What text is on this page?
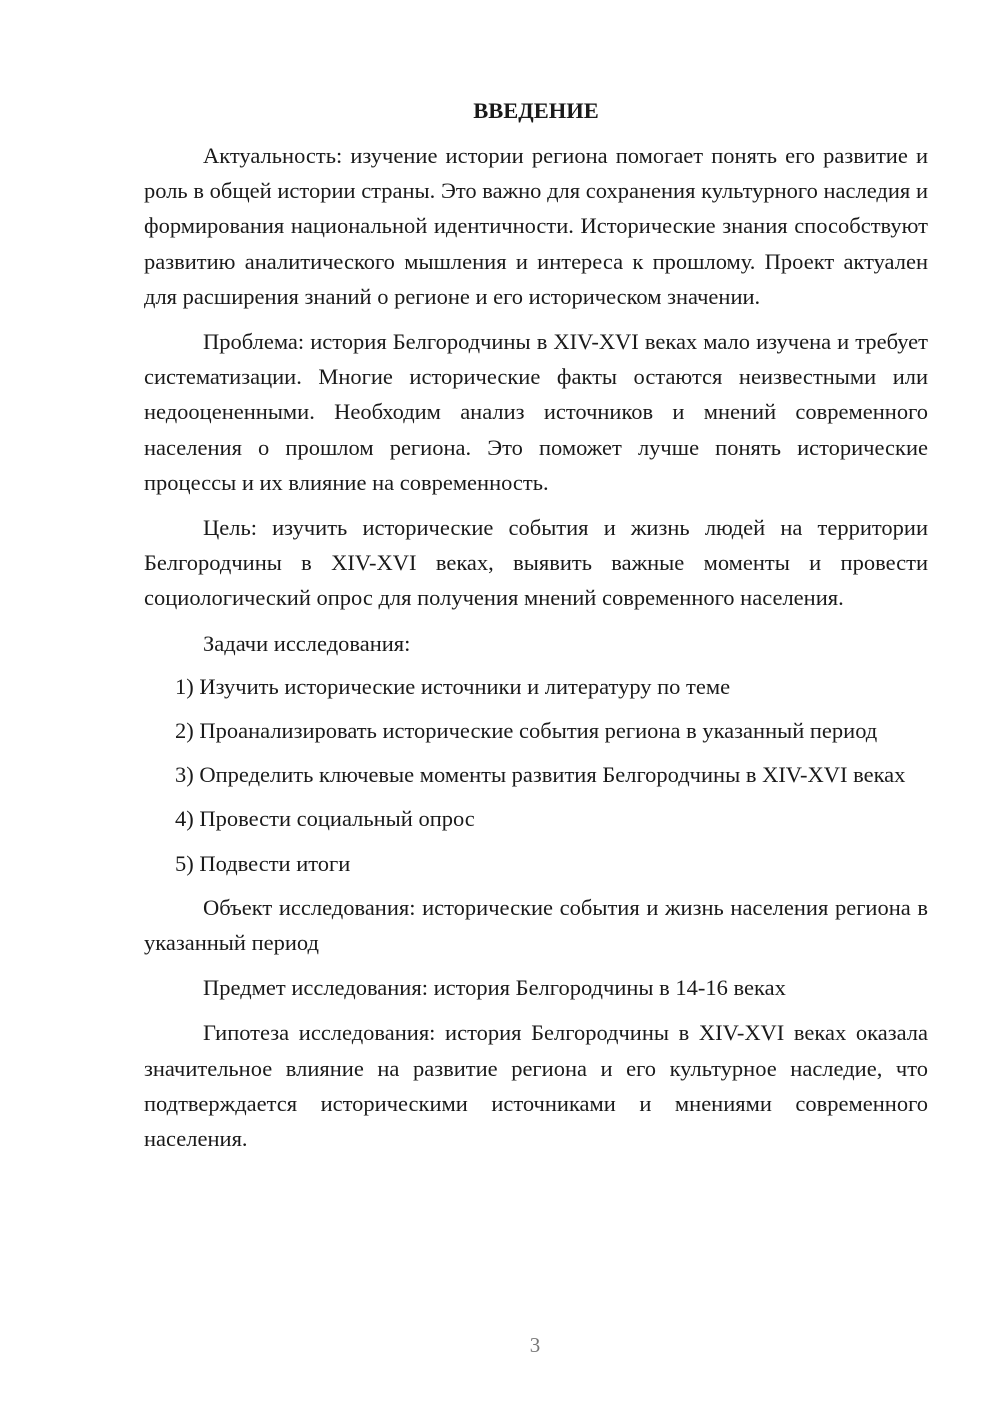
ВВЕДЕНИЕ

Актуальность: изучение истории региона помогает понять его развитие и роль в общей истории страны. Это важно для сохранения культурного наследия и формирования национальной идентичности. Исторические знания способствуют развитию аналитического мышления и интереса к прошлому. Проект актуален для расширения знаний о регионе и его историческом значении.

Проблема: история Белгородчины в XIV-XVI веках мало изучена и требует систематизации. Многие исторические факты остаются неизвестными или недооцененными. Необходим анализ источников и мнений современного населения о прошлом региона. Это поможет лучше понять исторические процессы и их влияние на современность.

Цель: изучить исторические события и жизнь людей на территории Белгородчины в XIV-XVI веках, выявить важные моменты и провести социологический опрос для получения мнений современного населения.

Задачи исследования:

1) Изучить исторические источники и литературу по теме

2) Проанализировать исторические события региона в указанный период

3) Определить ключевые моменты развития Белгородчины в XIV-XVI веках

4) Провести социальный опрос

5) Подвести итоги

Объект исследования: исторические события и жизнь населения региона в указанный период

Предмет исследования: история Белгородчины в 14-16 веках

Гипотеза исследования: история Белгородчины в XIV-XVI веках оказала значительное влияние на развитие региона и его культурное наследие, что подтверждается историческими источниками и мнениями современного населения.

3
